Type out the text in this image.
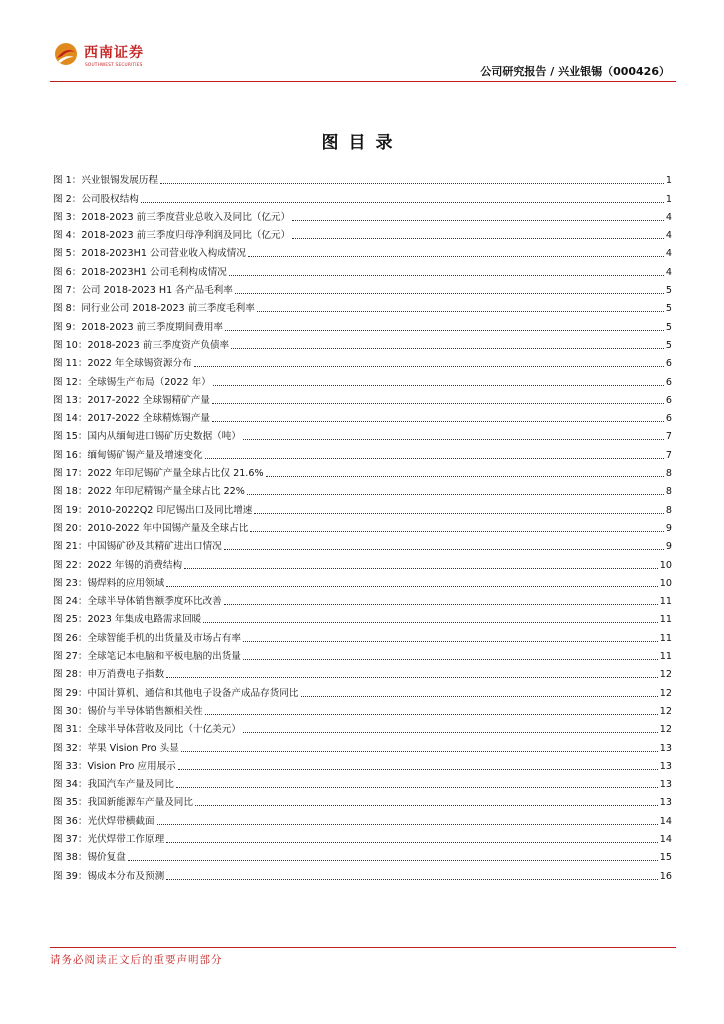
西南证券
SOUTHWEST SECURITIES	公司研究报告 / 兴业银锡（000426）
图目录
图 1：兴业银锡发展历程	1
图 2：公司股权结构	1
图 3：2018-2023 前三季度营业总收入及同比（亿元）	4
图 4：2018-2023 前三季度归母净利润及同比（亿元）	4
图 5：2018-2023H1 公司营业收入构成情况	4
图 6：2018-2023H1 公司毛利构成情况	4
图 7：公司 2018-2023 H1 各产品毛利率	5
图 8：同行业公司 2018-2023 前三季度毛利率	5
图 9：2018-2023 前三季度期间费用率	5
图 10：2018-2023 前三季度资产负债率	5
图 11：2022 年全球锡资源分布	6
图 12：全球锡生产布局（2022 年）	6
图 13：2017-2022 全球锡精矿产量	6
图 14：2017-2022 全球精炼锡产量	6
图 15：国内从缅甸进口锡矿历史数据（吨）	7
图 16：缅甸锡矿锡产量及增速变化	7
图 17：2022 年印尼锡矿产量全球占比仅 21.6%	8
图 18：2022 年印尼精锡产量全球占比 22%	8
图 19：2010-2022Q2 印尼锡出口及同比增速	8
图 20：2010-2022 年中国锡产量及全球占比	9
图 21：中国锡矿砂及其精矿进出口情况	9
图 22：2022 年锡的消费结构	10
图 23：锡焊料的应用领域	10
图 24：全球半导体销售额季度环比改善	11
图 25：2023 年集成电路需求回暖	11
图 26：全球智能手机的出货量及市场占有率	11
图 27：全球笔记本电脑和平板电脑的出货量	11
图 28：申万消费电子指数	12
图 29：中国计算机、通信和其他电子设备产成品存货同比	12
图 30：锡价与半导体销售额相关性	12
图 31：全球半导体营收及同比（十亿美元）	12
图 32：苹果 Vision Pro 头显	13
图 33：Vision Pro 应用展示	13
图 34：我国汽车产量及同比	13
图 35：我国新能源车产量及同比	13
图 36：光伏焊带横截面	14
图 37：光伏焊带工作原理	14
图 38：锡价复盘	15
图 39：锡成本分布及预测	16
请务必阅读正文后的重要声明部分
